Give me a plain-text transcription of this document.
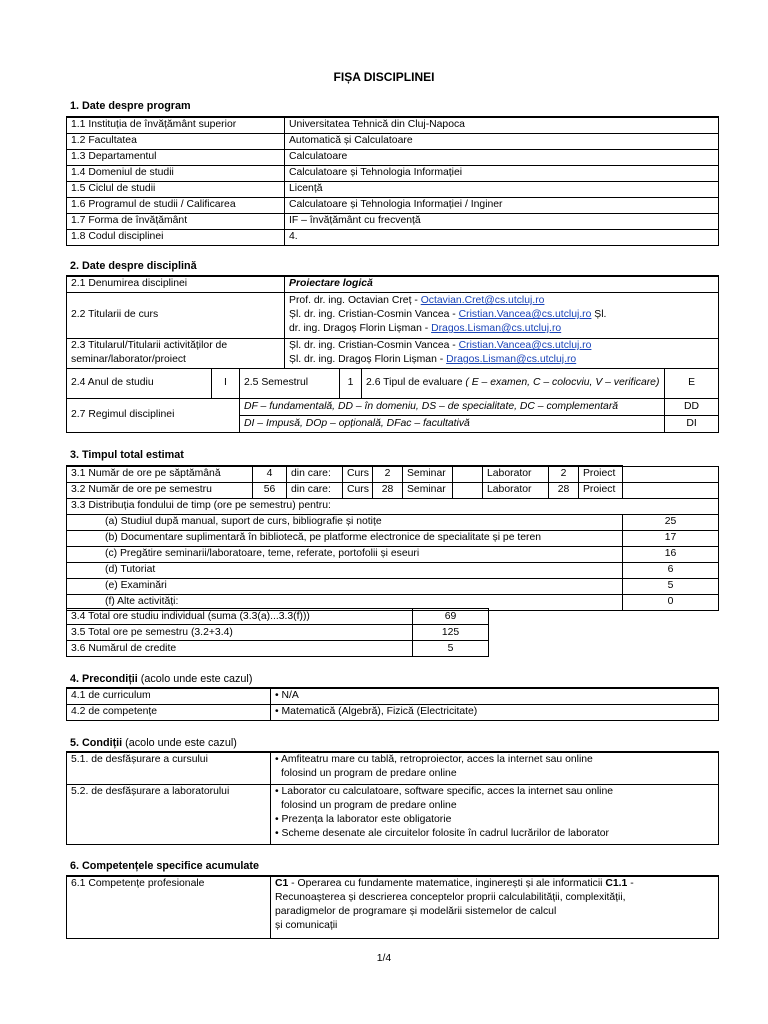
FIȘA DISCIPLINEI
1. Date despre program
1.1 Instituția de învățământ superior	Universitatea Tehnică din Cluj-Napoca
1.2 Facultatea	Automatică și Calculatoare
1.3 Departamentul	Calculatoare
1.4 Domeniul de studii	Calculatoare și Tehnologia Informației
1.5 Ciclul de studii	Licență
1.6 Programul de studii / Calificarea	Calculatoare și Tehnologia Informației / Inginer
1.7 Forma de învățământ	IF – învățământ cu frecvență
1.8 Codul disciplinei	4.
2. Date despre disciplină
2.1 Denumirea disciplinei			Proiectare logică			
2.2 Titularii de curs			Prof. dr. ing. Octavian Creț - Octavian.Cret@cs.utcluj.ro
Șl. dr. ing. Cristian-Cosmin Vancea - Cristian.Vancea@cs.utcluj.ro Șl.
dr. ing. Dragoș Florin Lișman - Dragos.Lisman@cs.utcluj.ro			

2.3 Titularul/Titularii activităților de seminar/laborator/proiect			Șl. dr. ing. Cristian-Cosmin Vancea - Cristian.Vancea@cs.utcluj.ro
Șl. dr. ing. Dragoș Florin Lișman - Dragos.Lisman@cs.utcluj.ro			

2.4 Anul de studiu	I	2.5 Semestrul		1	2.6 Tipul de evaluare ( E – examen, C – colocviu, V – verificare)	E
2.7 Regimul disciplinei		DF – fundamentală, DD – în domeniu, DS – de specialitate, DC – complementară				DD
		DI – Impusă, DOp – opțională, DFac – facultativă				DI
3. Timpul total estimat
3.1 Număr de ore pe săptămână	4	din care:	Curs	2	Seminar		Laborator	2	Proiect	
3.2 Număr de ore pe semestru	56	din care:	Curs	28	Seminar		Laborator	28	Proiect	
3.3 Distribuția fondului de timp (ore pe semestru) pentru:										
(a) Studiul după manual, suport de curs, bibliografie și notițe										25
(b) Documentare suplimentară în bibliotecă, pe platforme electronice de specialitate și pe teren										17
(c) Pregătire seminarii/laboratoare, teme, referate, portofolii și eseuri										16
(d) Tutoriat										6
(e) Examinări										5
(f) Alte activități:										0
3.4 Total ore studiu individual (suma (3.3(a)...3.3(f)))	69
3.5 Total ore pe semestru (3.2+3.4)	125
3.6 Numărul de credite	5
4. Precondiții (acolo unde este cazul)
4.1 de curriculum	• N/A
4.2 de competențe	• Matematică (Algebră), Fizică (Electricitate)
5. Condiții (acolo unde este cazul)
5.1. de desfășurare a cursului	• Amfiteatru mare cu tablă, retroproiector, acces la internet sau online
folosind un program de predare online

5.2. de desfășurare a laboratorului	• Laborator cu calculatoare, software specific, acces la internet sau online
folosind un program de predare online
• Prezența la laborator este obligatorie
• Scheme desenate ale circuitelor folosite în cadrul lucrărilor de laborator
6. Competențele specifice acumulate
6.1 Competențe profesionale	C1 - Operarea cu fundamente matematice, inginerești și ale informaticii C1.1 -
Recunoașterea și descrierea conceptelor proprii calculabilității, complexității,
paradigmelor de programare și modelării sistemelor de calcul
și comunicații
1/4
